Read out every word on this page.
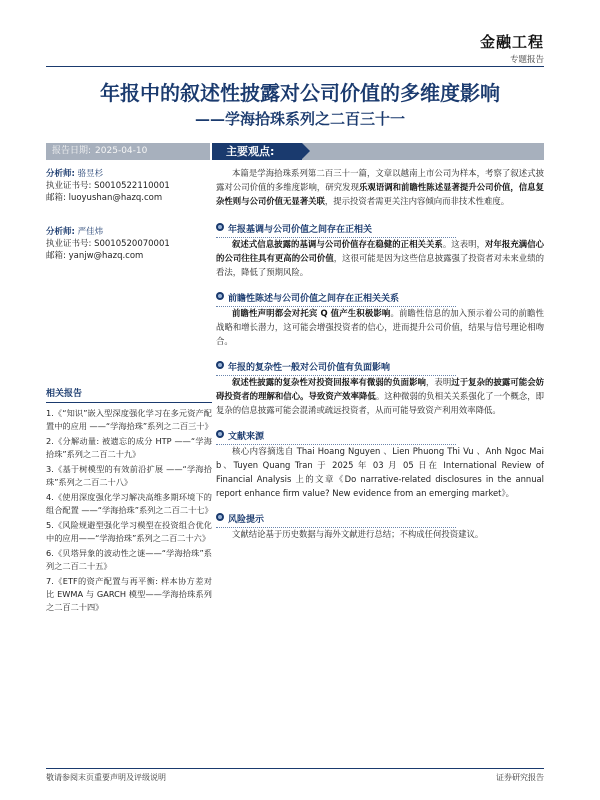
金融工程
专题报告
年报中的叙述性披露对公司价值的多维度影响
——学海拾珠系列之二百三十一
报告日期: 2025-04-10	主要观点:
分析师: 骆昱杉
执业证书号: S0010522110001
邮箱: luoyushan@hazq.com
分析师: 严佳炜
执业证书号: S0010520070001
邮箱: yanjw@hazq.com
相关报告
1.《“知识”嵌入型深度强化学习在多元资产配置中的应用 ——“学海拾珠”系列之二百三十》
2.《分解动量: 被遗忘的成分 HTP ——“学海拾珠”系列之二百二十九》
3.《基于树模型的有效前沿扩展 ——“学海拾珠”系列之二百二十八》
4.《使用深度强化学习解决高维多期环境下的组合配置 ——“学海拾珠”系列之二百二十七》
5.《风险规避型强化学习模型在投资组合优化中的应用——“学海拾珠”系列之二百二十六》
6.《贝塔异象的波动性之谜——“学海拾珠”系列之二百二十五》
7.《ETF的资产配置与再平衡: 样本协方差对比 EWMA 与 GARCH 模型——学海拾珠系列之二百二十四》

本篇是学海拾珠系列第二百三十一篇，文章以越南上市公司为样本，考察了叙述式披露对公司价值的多维度影响，研究发现乐观语调和前瞻性陈述显著提升公司价值，信息复杂性则与公司价值无显著关联，提示投资者需更关注内容倾向而非技术性难度。

年报基调与公司价值之间存在正相关

叙述式信息披露的基调与公司价值存在稳健的正相关关系。这表明，对年报充满信心的公司往往具有更高的公司价值，这很可能是因为这些信息披露强了投资者对未来业绩的看法，降低了预期风险。

前瞻性陈述与公司价值之间存在正相关关系

前瞻性声明都会对托宾 Q 值产生积极影响。前瞻性信息的加入预示着公司的前瞻性战略和增长潜力，这可能会增强投资者的信心，进而提升公司价值，结果与信号理论相吻合。

年报的复杂性一般对公司价值有负面影响

叙述性披露的复杂性对投资回报率有微弱的负面影响，表明过于复杂的披露可能会妨碍投资者的理解和信心。导致资产效率降低。这种微弱的负相关关系强化了一个概念，即复杂的信息披露可能会混淆或疏远投资者，从而可能导致资产利用效率降低。

文献来源

核心内容摘选自 Thai Hoang Nguyen 、Lien Phuong Thi Vu 、Anh Ngoc Mai b、Tuyen Quang Tran 于 2025 年 03 月 05 日在 International Review of Financial Analysis 上的文章《Do narrative-related disclosures in the annual report enhance firm value? New evidence from an emerging market》。

风险提示

文献结论基于历史数据与海外文献进行总结；不构成任何投资建议。

敬请参阅末页重要声明及评级说明	证券研究报告
